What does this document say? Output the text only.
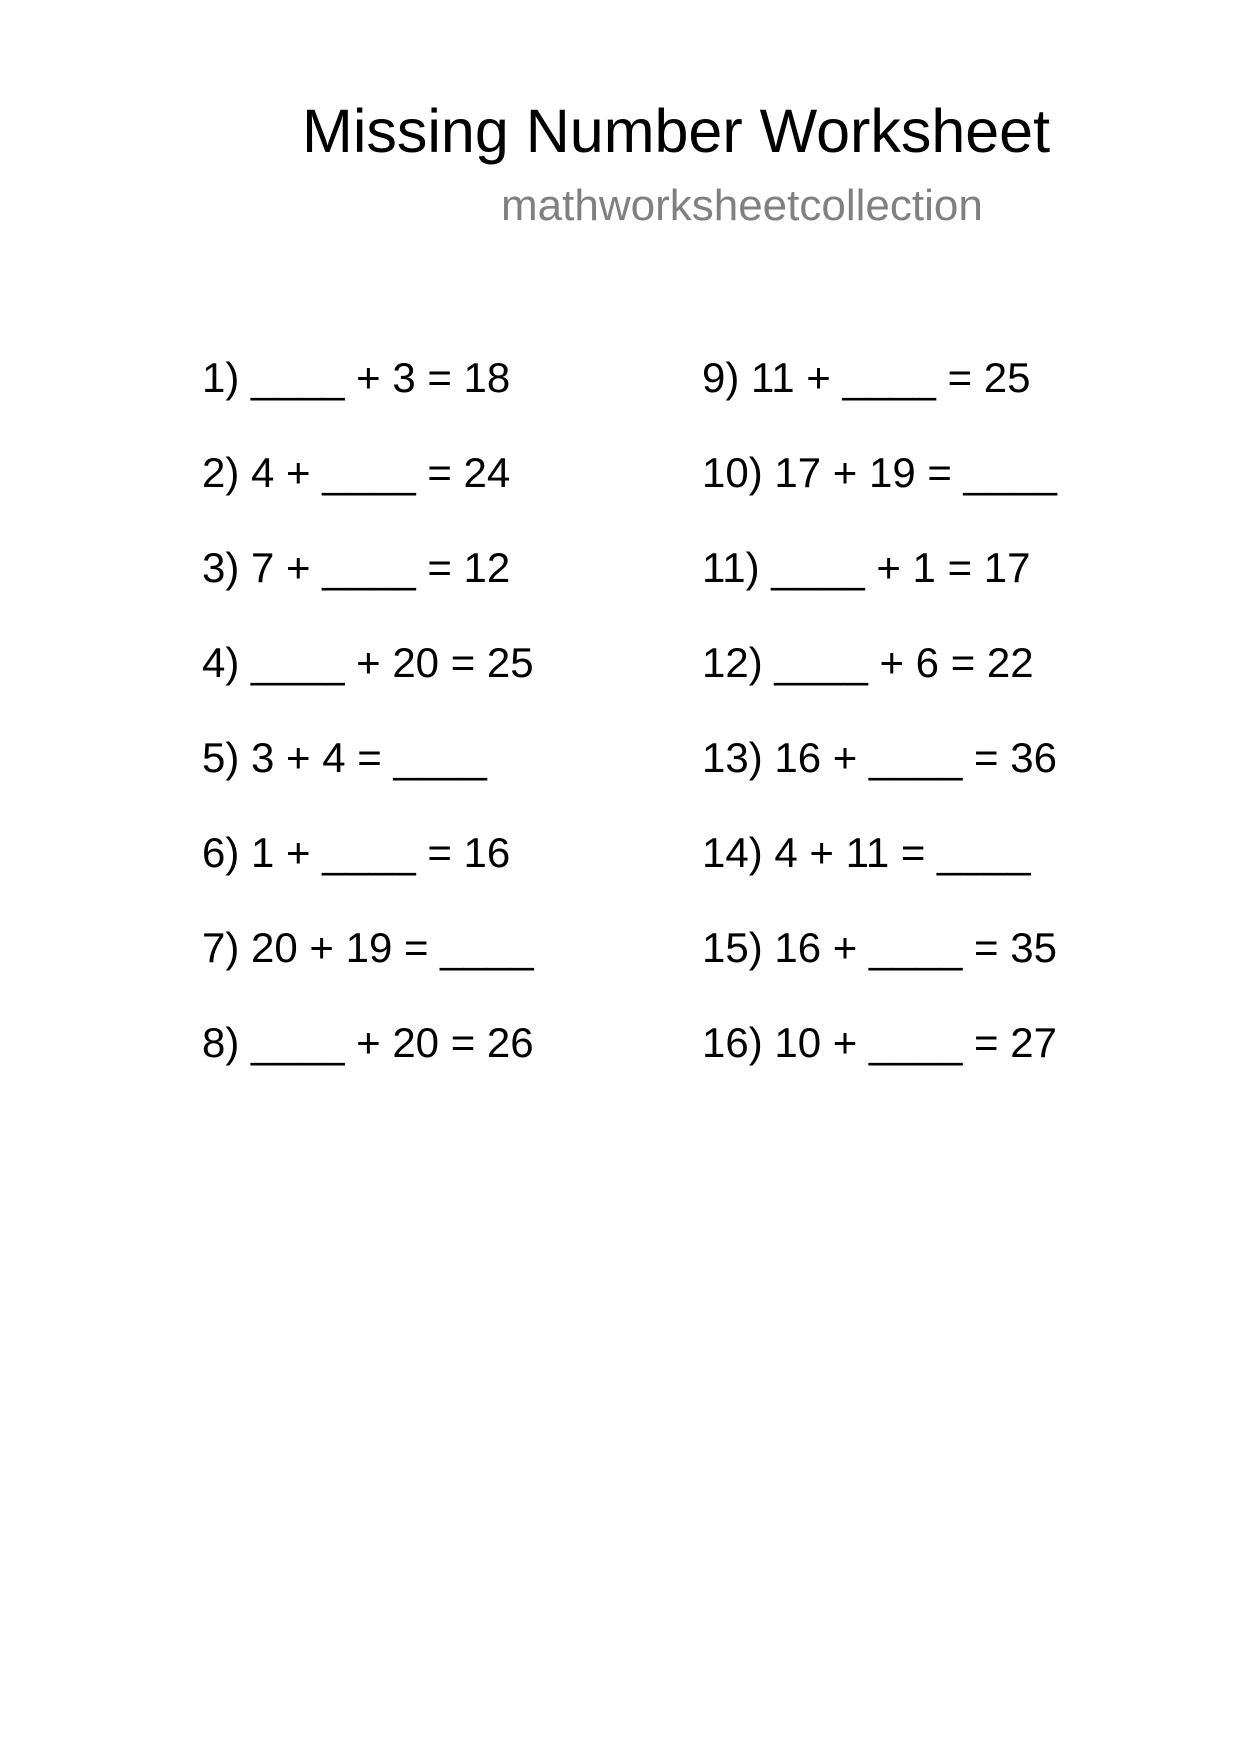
Missing Number Worksheet
mathworksheetcollection
1) ____ + 3 = 18
2) 4 + ____ = 24
3) 7 + ____ = 12
4) ____ + 20 = 25
5) 3 + 4 = ____
6) 1 + ____ = 16
7) 20 + 19 = ____
8) ____ + 20 = 26
9) 11 + ____ = 25
10) 17 + 19 = ____
11) ____ + 1 = 17
12) ____ + 6 = 22
13) 16 + ____ = 36
14) 4 + 11 = ____
15) 16 + ____ = 35
16) 10 + ____ = 27
